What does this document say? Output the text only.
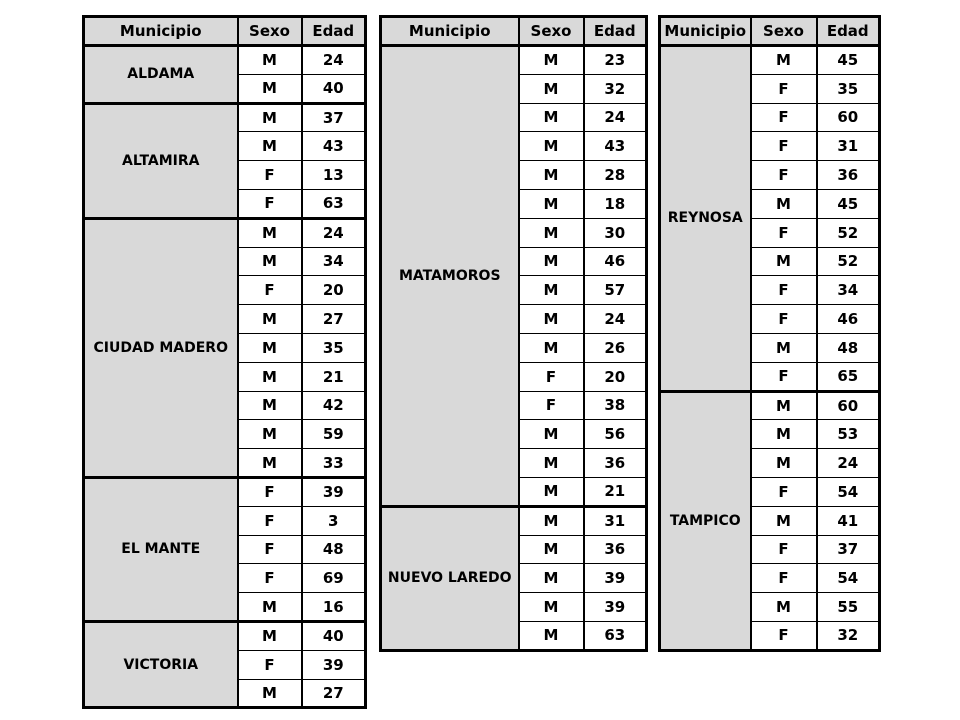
Municipio	Sexo	Edad
ALDAMA	M	24
	M	40
ALTAMIRA	M	37
	M	43
	F	13
	F	63
CIUDAD MADERO	M	24
	M	34
	F	20
	M	27
	M	35
	M	21
	M	42
	M	59
	M	33
EL MANTE	F	39
	F	3
	F	48
	F	69
	M	16
VICTORIA	M	40
	F	39
	M	27
Municipio	Sexo	Edad
MATAMOROS	M	23
	M	32
	M	24
	M	43
	M	28
	M	18
	M	30
	M	46
	M	57
	M	24
	M	26
	F	20
	F	38
	M	56
	M	36
	M	21
NUEVO LAREDO	M	31
	M	36
	M	39
	M	39
	M	63
Municipio	Sexo	Edad
REYNOSA	M	45
	F	35
	F	60
	F	31
	F	36
	M	45
	F	52
	M	52
	F	34
	F	46
	M	48
	F	65
TAMPICO	M	60
	M	53
	M	24
	F	54
	M	41
	F	37
	F	54
	M	55
	F	32
